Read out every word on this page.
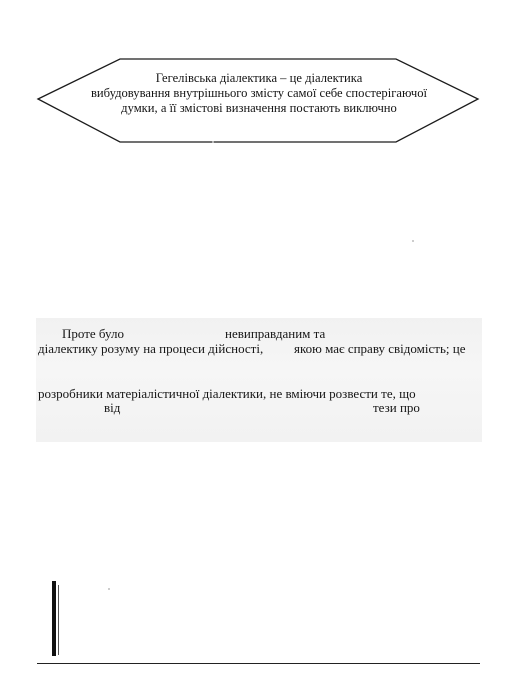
Гегелівська діалектика – це діалектика
вибудовування внутрішнього змісту самої себе спостерігаючої
думки, а її змістові визначення постають виключно
Проте було	невиправданим та
діалектику розуму на процеси дійсності, якою має справу свідомість; це
розробники матеріалістичної діалектики, не вміючи розвести те, що
від	тези про
